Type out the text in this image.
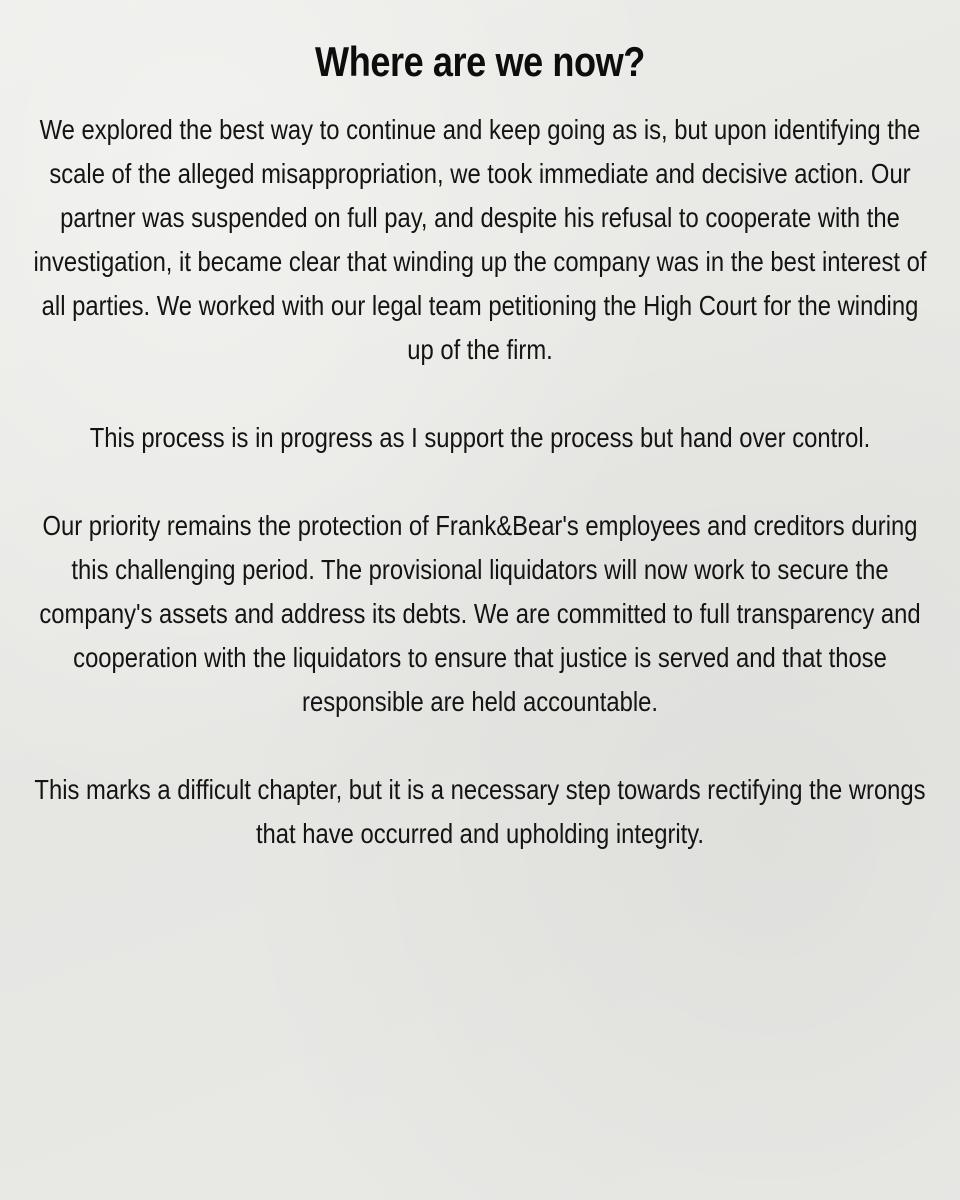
Where are we now?

We explored the best way to continue and keep going as is, but upon identifying the scale of the alleged misappropriation, we took immediate and decisive action. Our partner was suspended on full pay, and despite his refusal to cooperate with the investigation, it became clear that winding up the company was in the best interest of all parties. We worked with our legal team petitioning the High Court for the winding up of the firm.

This process is in progress as I support the process but hand over control.

Our priority remains the protection of Frank&Bear's employees and creditors during this challenging period. The provisional liquidators will now work to secure the company's assets and address its debts. We are committed to full transparency and cooperation with the liquidators to ensure that justice is served and that those responsible are held accountable.

This marks a difficult chapter, but it is a necessary step towards rectifying the wrongs that have occurred and upholding integrity.
